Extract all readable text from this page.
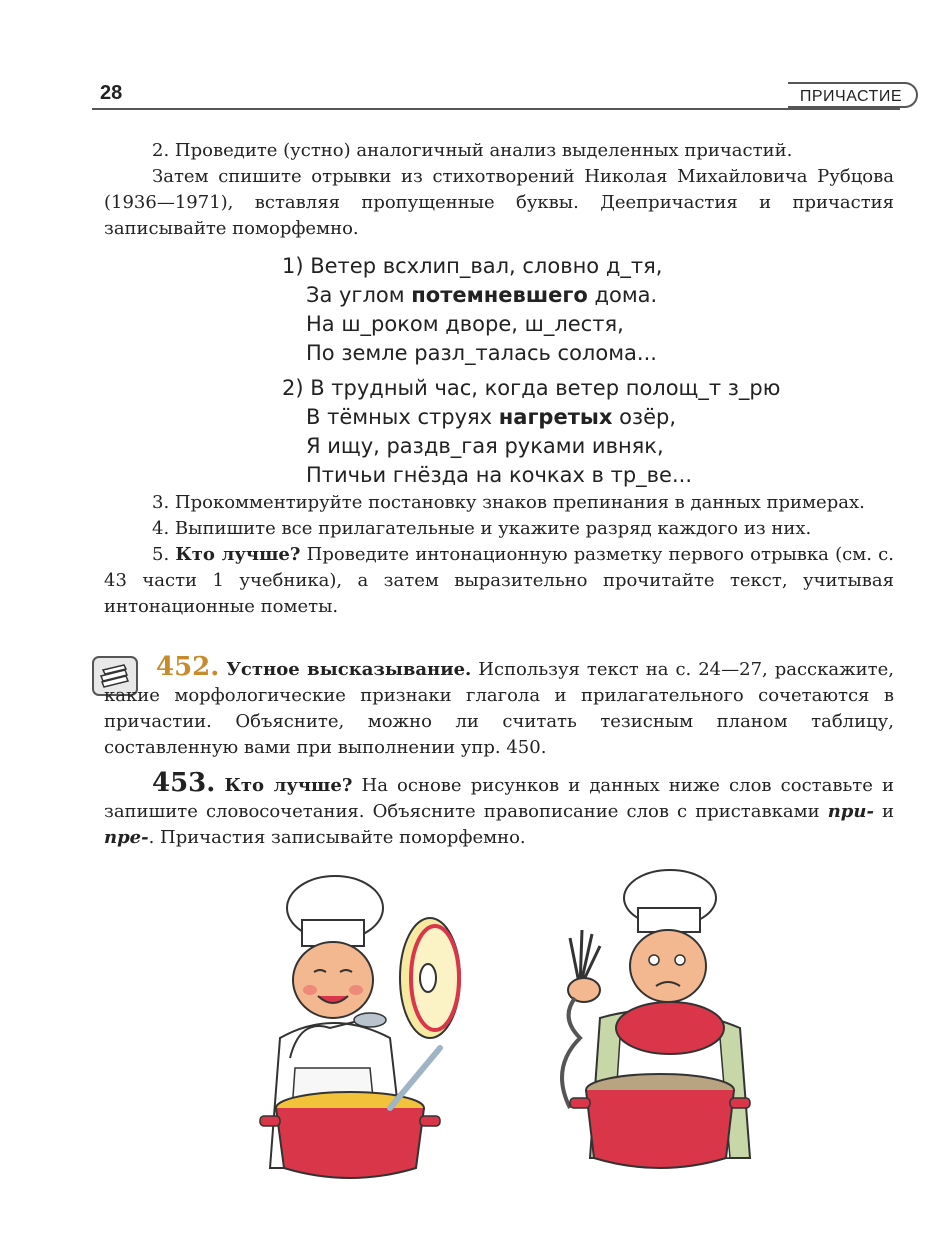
28	ПРИЧАСТИЕ

2. Проведите (устно) аналогичный анализ выделенных причастий.

Затем спишите отрывки из стихотворений Николая Михайловича Рубцова (1936—1971), вставляя пропущенные буквы. Деепричастия и причастия записывайте поморфемно.

1) Ветер всхлип_вал, словно д_тя,
За углом потемневшего дома.
На ш_роком дворе, ш_лестя,
По земле разл_талась солома...
2) В трудный час, когда ветер полощ_т з_рю
В тёмных струях нагретых озёр,
Я ищу, раздв_гая руками ивняк,
Птичьи гнёзда на кочках в тр_ве...

3. Прокомментируйте постановку знаков препинания в данных примерах.

4. Выпишите все прилагательные и укажите разряд каждого из них.

5. Кто лучше? Проведите интонационную разметку первого отрывка (см. с. 43 части 1 учебника), а затем выразительно прочитайте текст, учитывая интонационные пометы.

452. Устное высказывание. Используя текст на с. 24—27, расскажите, какие морфологические признаки глагола и прилагательного сочетаются в причастии. Объясните, можно ли считать тезисным планом таблицу, составленную вами при выполнении упр. 450.

453. Кто лучше? На основе рисунков и данных ниже слов составьте и запишите словосочетания. Объясните правописание слов с приставками при- и пре-. Причастия записывайте поморфемно.
